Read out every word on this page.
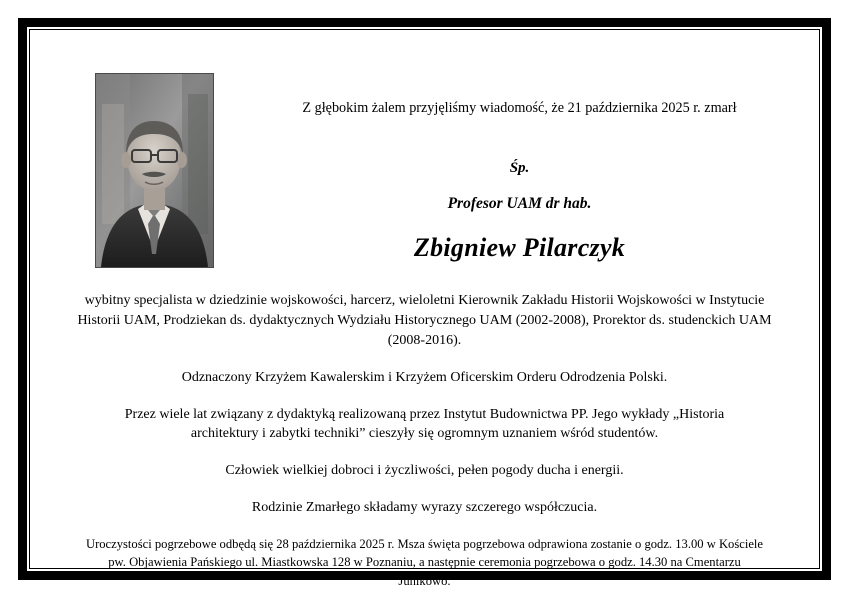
Z głębokim żalem przyjęliśmy wiadomość, że 21 października 2025 r. zmarł
Śp.
Profesor UAM dr hab.
Zbigniew Pilarczyk

wybitny specjalista w dziedzinie wojskowości, harcerz, wieloletni Kierownik Zakładu Historii Wojskowości w Instytucie Historii UAM, Prodziekan ds. dydaktycznych Wydziału Historycznego UAM (2002-2008), Prorektor ds. studenckich UAM (2008-2016).

Odznaczony Krzyżem Kawalerskim i Krzyżem Oficerskim Orderu Odrodzenia Polski.

Przez wiele lat związany z dydaktyką realizowaną przez Instytut Budownictwa PP. Jego wykłady „Historia architektury i zabytki techniki” cieszyły się ogromnym uznaniem wśród studentów.

Człowiek wielkiej dobroci i życzliwości, pełen pogody ducha i energii.

Rodzinie Zmarłego składamy wyrazy szczerego współczucia.

Uroczystości pogrzebowe odbędą się 28 października 2025 r. Msza święta pogrzebowa odprawiona zostanie o godz. 13.00 w Kościele pw. Objawienia Pańskiego ul. Miastkowska 128 w Poznaniu, a następnie ceremonia pogrzebowa o godz. 14.30 na Cmentarzu Junikowo.
